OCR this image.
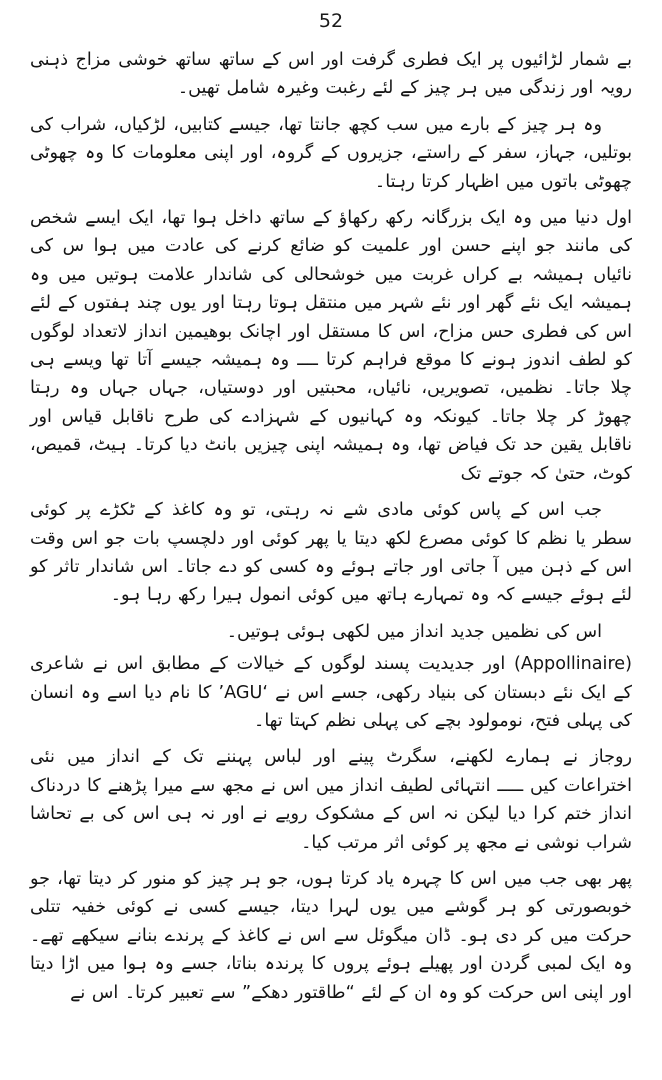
52

بے شمار لڑائیوں پر ایک فطری گرفت اور اس کے ساتھ ساتھ خوشی مزاج ذہنی رویہ اور زندگی میں ہر چیز کے لئے رغبت وغیرہ شامل تھیں۔

وہ ہر چیز کے بارے میں سب کچھ جانتا تھا، جیسے کتابیں، لڑکیاں، شراب کی بوتلیں، جہاز، سفر کے راستے، جزیروں کے گروہ، اور اپنی معلومات کا وہ چھوٹی چھوٹی باتوں میں اظہار کرتا رہتا۔

اول دنیا میں وہ ایک بزرگانہ رکھ رکھاؤ کے ساتھ داخل ہوا تھا، ایک ایسے شخص کی مانند جو اپنے حسن اور علمیت کو ضائع کرنے کی عادت میں ہوا س کی نائیاں ہمیشہ بے کراں غربت میں خوشحالی کی شاندار علامت ہوتیں میں وہ ہمیشہ ایک نئے گھر اور نئے شہر میں منتقل ہوتا رہتا اور یوں چند ہفتوں کے لئے اس کی فطری حس مزاح، اس کا مستقل اور اچانک بوھیمین انداز لاتعداد لوگوں کو لطف اندوز ہونے کا موقع فراہم کرتا ــــ وہ ہمیشہ جیسے آتا تھا ویسے ہی چلا جاتا۔ نظمیں، تصویریں، نائیاں، محبتیں اور دوستیاں، جہاں جہاں وہ رہتا چھوڑ کر چلا جاتا۔ کیونکہ وہ کہانیوں کے شہزادے کی طرح ناقابل قیاس اور ناقابل یقین حد تک فیاض تھا، وہ ہمیشہ اپنی چیزیں بانٹ دیا کرتا۔ ہیٹ، قمیص، کوٹ، حتیٰ کہ جوتے تک

جب اس کے پاس کوئی مادی شے نہ رہتی، تو وہ کاغذ کے ٹکڑے پر کوئی سطر یا نظم کا کوئی مصرع لکھ دیتا یا پھر کوئی اور دلچسپ بات جو اس وقت اس کے ذہن میں آ جاتی اور جاتے ہوئے وہ کسی کو دے جاتا۔ اس شاندار تاثر کو لئے ہوئے جیسے کہ وہ تمہارے ہاتھ میں کوئی انمول ہیرا رکھ رہا ہو۔

اس کی نظمیں جدید انداز میں لکھی ہوئی ہوتیں۔

(Appollinaire) اور جدیدیت پسند لوگوں کے خیالات کے مطابق اس نے شاعری کے ایک نئے دبستان کی بنیاد رکھی، جسے اس نے ‘AGU’ کا نام دیا اسے وہ انسان کی پہلی فتح، نومولود بچے کی پہلی نظم کہتا تھا۔

روجاز نے ہمارے لکھنے، سگرٹ پینے اور لباس پہننے تک کے انداز میں نئی اختراعات کیں ـــــ انتہائی لطیف انداز میں اس نے مجھ سے میرا پڑھنے کا دردناک انداز ختم کرا دیا لیکن نہ اس کے مشکوک رویے نے اور نہ ہی اس کی بے تحاشا شراب نوشی نے مجھ پر کوئی اثر مرتب کیا۔

پھر بھی جب میں اس کا چہرہ یاد کرتا ہوں، جو ہر چیز کو منور کر دیتا تھا، جو خوبصورتی کو ہر گوشے میں یوں لہرا دیتا، جیسے کسی نے کوئی خفیہ تتلی حرکت میں کر دی ہو۔ ڈان میگوئل سے اس نے کاغذ کے پرندے بنانے سیکھے تھے۔ وہ ایک لمبی گردن اور پھیلے ہوئے پروں کا پرندہ بناتا، جسے وہ ہوا میں اڑا دیتا اور اپنی اس حرکت کو وہ ان کے لئے “طاقتور دھکے” سے تعبیر کرتا۔ اس نے
